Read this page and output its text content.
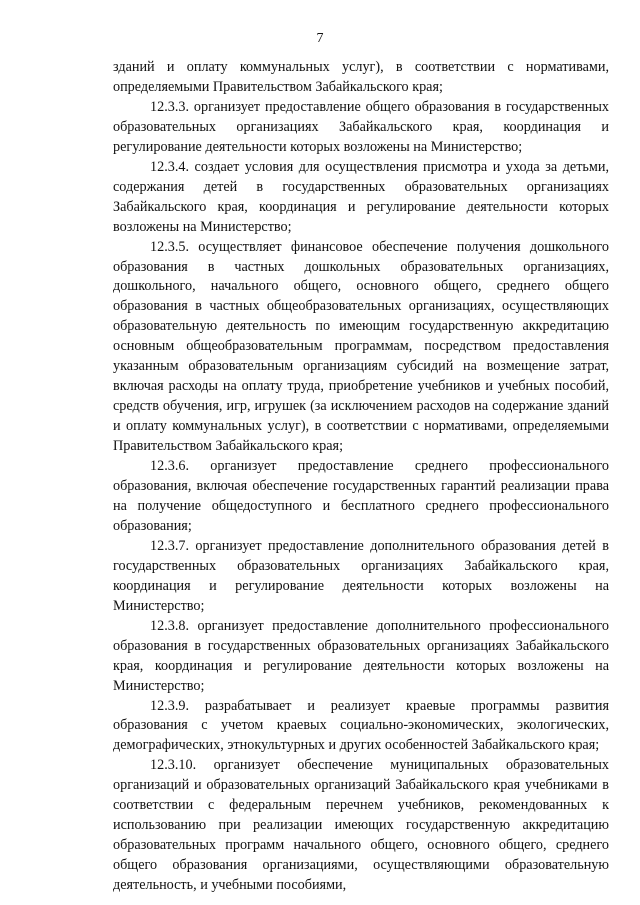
7

зданий и оплату коммунальных услуг), в соответствии с нормативами, определяемыми Правительством Забайкальского края;

12.3.3. организует предоставление общего образования в государственных образовательных организациях Забайкальского края, координация и регулирование деятельности которых возложены на Министерство;

12.3.4. создает условия для осуществления присмотра и ухода за детьми, содержания детей в государственных образовательных организациях Забайкальского края, координация и регулирование деятельности которых возложены на Министерство;

12.3.5. осуществляет финансовое обеспечение получения дошкольного образования в частных дошкольных образовательных организациях, дошкольного, начального общего, основного общего, среднего общего образования в частных общеобразовательных организациях, осуществляющих образовательную деятельность по имеющим государственную аккредитацию основным общеобразовательным программам, посредством предоставления указанным образовательным организациям субсидий на возмещение затрат, включая расходы на оплату труда, приобретение учебников и учебных пособий, средств обучения, игр, игрушек (за исключением расходов на содержание зданий и оплату коммунальных услуг), в соответствии с нормативами, определяемыми Правительством Забайкальского края;

12.3.6. организует предоставление среднего профессионального образования, включая обеспечение государственных гарантий реализации права на получение общедоступного и бесплатного среднего профессионального образования;

12.3.7. организует предоставление дополнительного образования детей в государственных образовательных организациях Забайкальского края, координация и регулирование деятельности которых возложены на Министерство;

12.3.8. организует предоставление дополнительного профессионального образования в государственных образовательных организациях Забайкальского края, координация и регулирование деятельности которых возложены на Министерство;

12.3.9. разрабатывает и реализует краевые программы развития образования с учетом краевых социально-экономических, экологических, демографических, этнокультурных и других особенностей Забайкальского края;

12.3.10. организует обеспечение муниципальных образовательных организаций и образовательных организаций Забайкальского края учебниками в соответствии с федеральным перечнем учебников, рекомендованных к использованию при реализации имеющих государственную аккредитацию образовательных программ начального общего, основного общего, среднего общего образования организациями, осуществляющими образовательную деятельность, и учебными пособиями,
